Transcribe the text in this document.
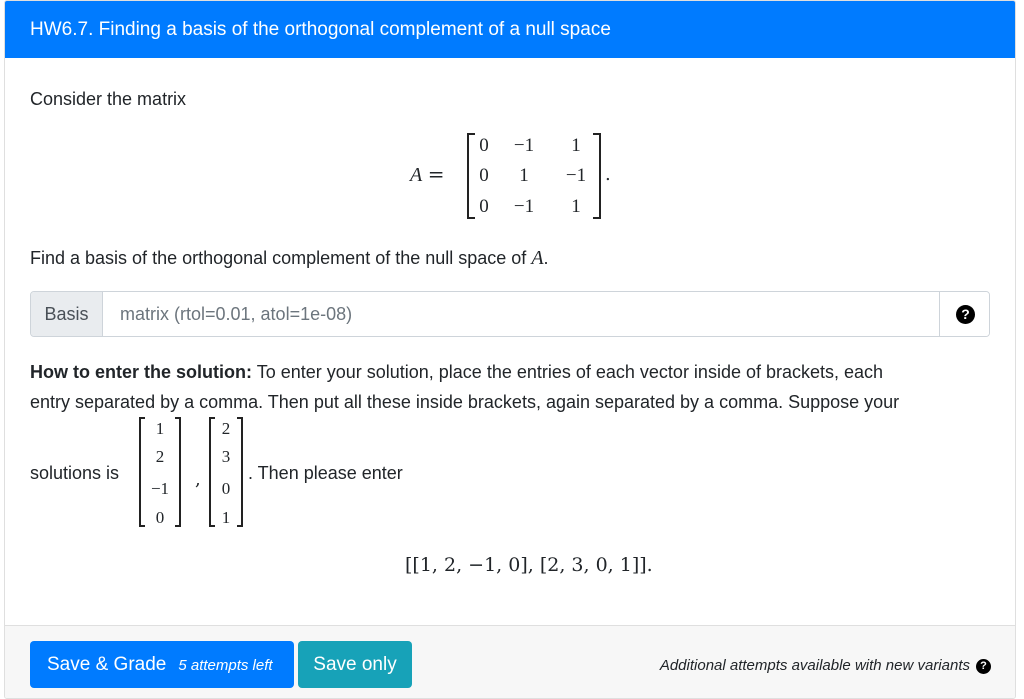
HW6.7. Finding a basis of the orthogonal complement of a null space
Consider the matrix
A =
0	−1	1
0	1	−1
0	−1	1
.
Find a basis of the orthogonal complement of the null space of A.
Basis
matrix (rtol=0.01, atol=1e-08)	?
How to enter the solution: To enter your solution, place the entries of each vector inside of brackets, each
entry separated by a comma. Then put all these inside brackets, again separated by a comma. Suppose your
solutions is
1
2
−1
0
,
2
3
0
1
. Then please enter
[[1, 2, −1, 0], [2, 3, 0, 1]].
Save & Grade 5 attempts left	Save only	Additional attempts available with new variants ?
